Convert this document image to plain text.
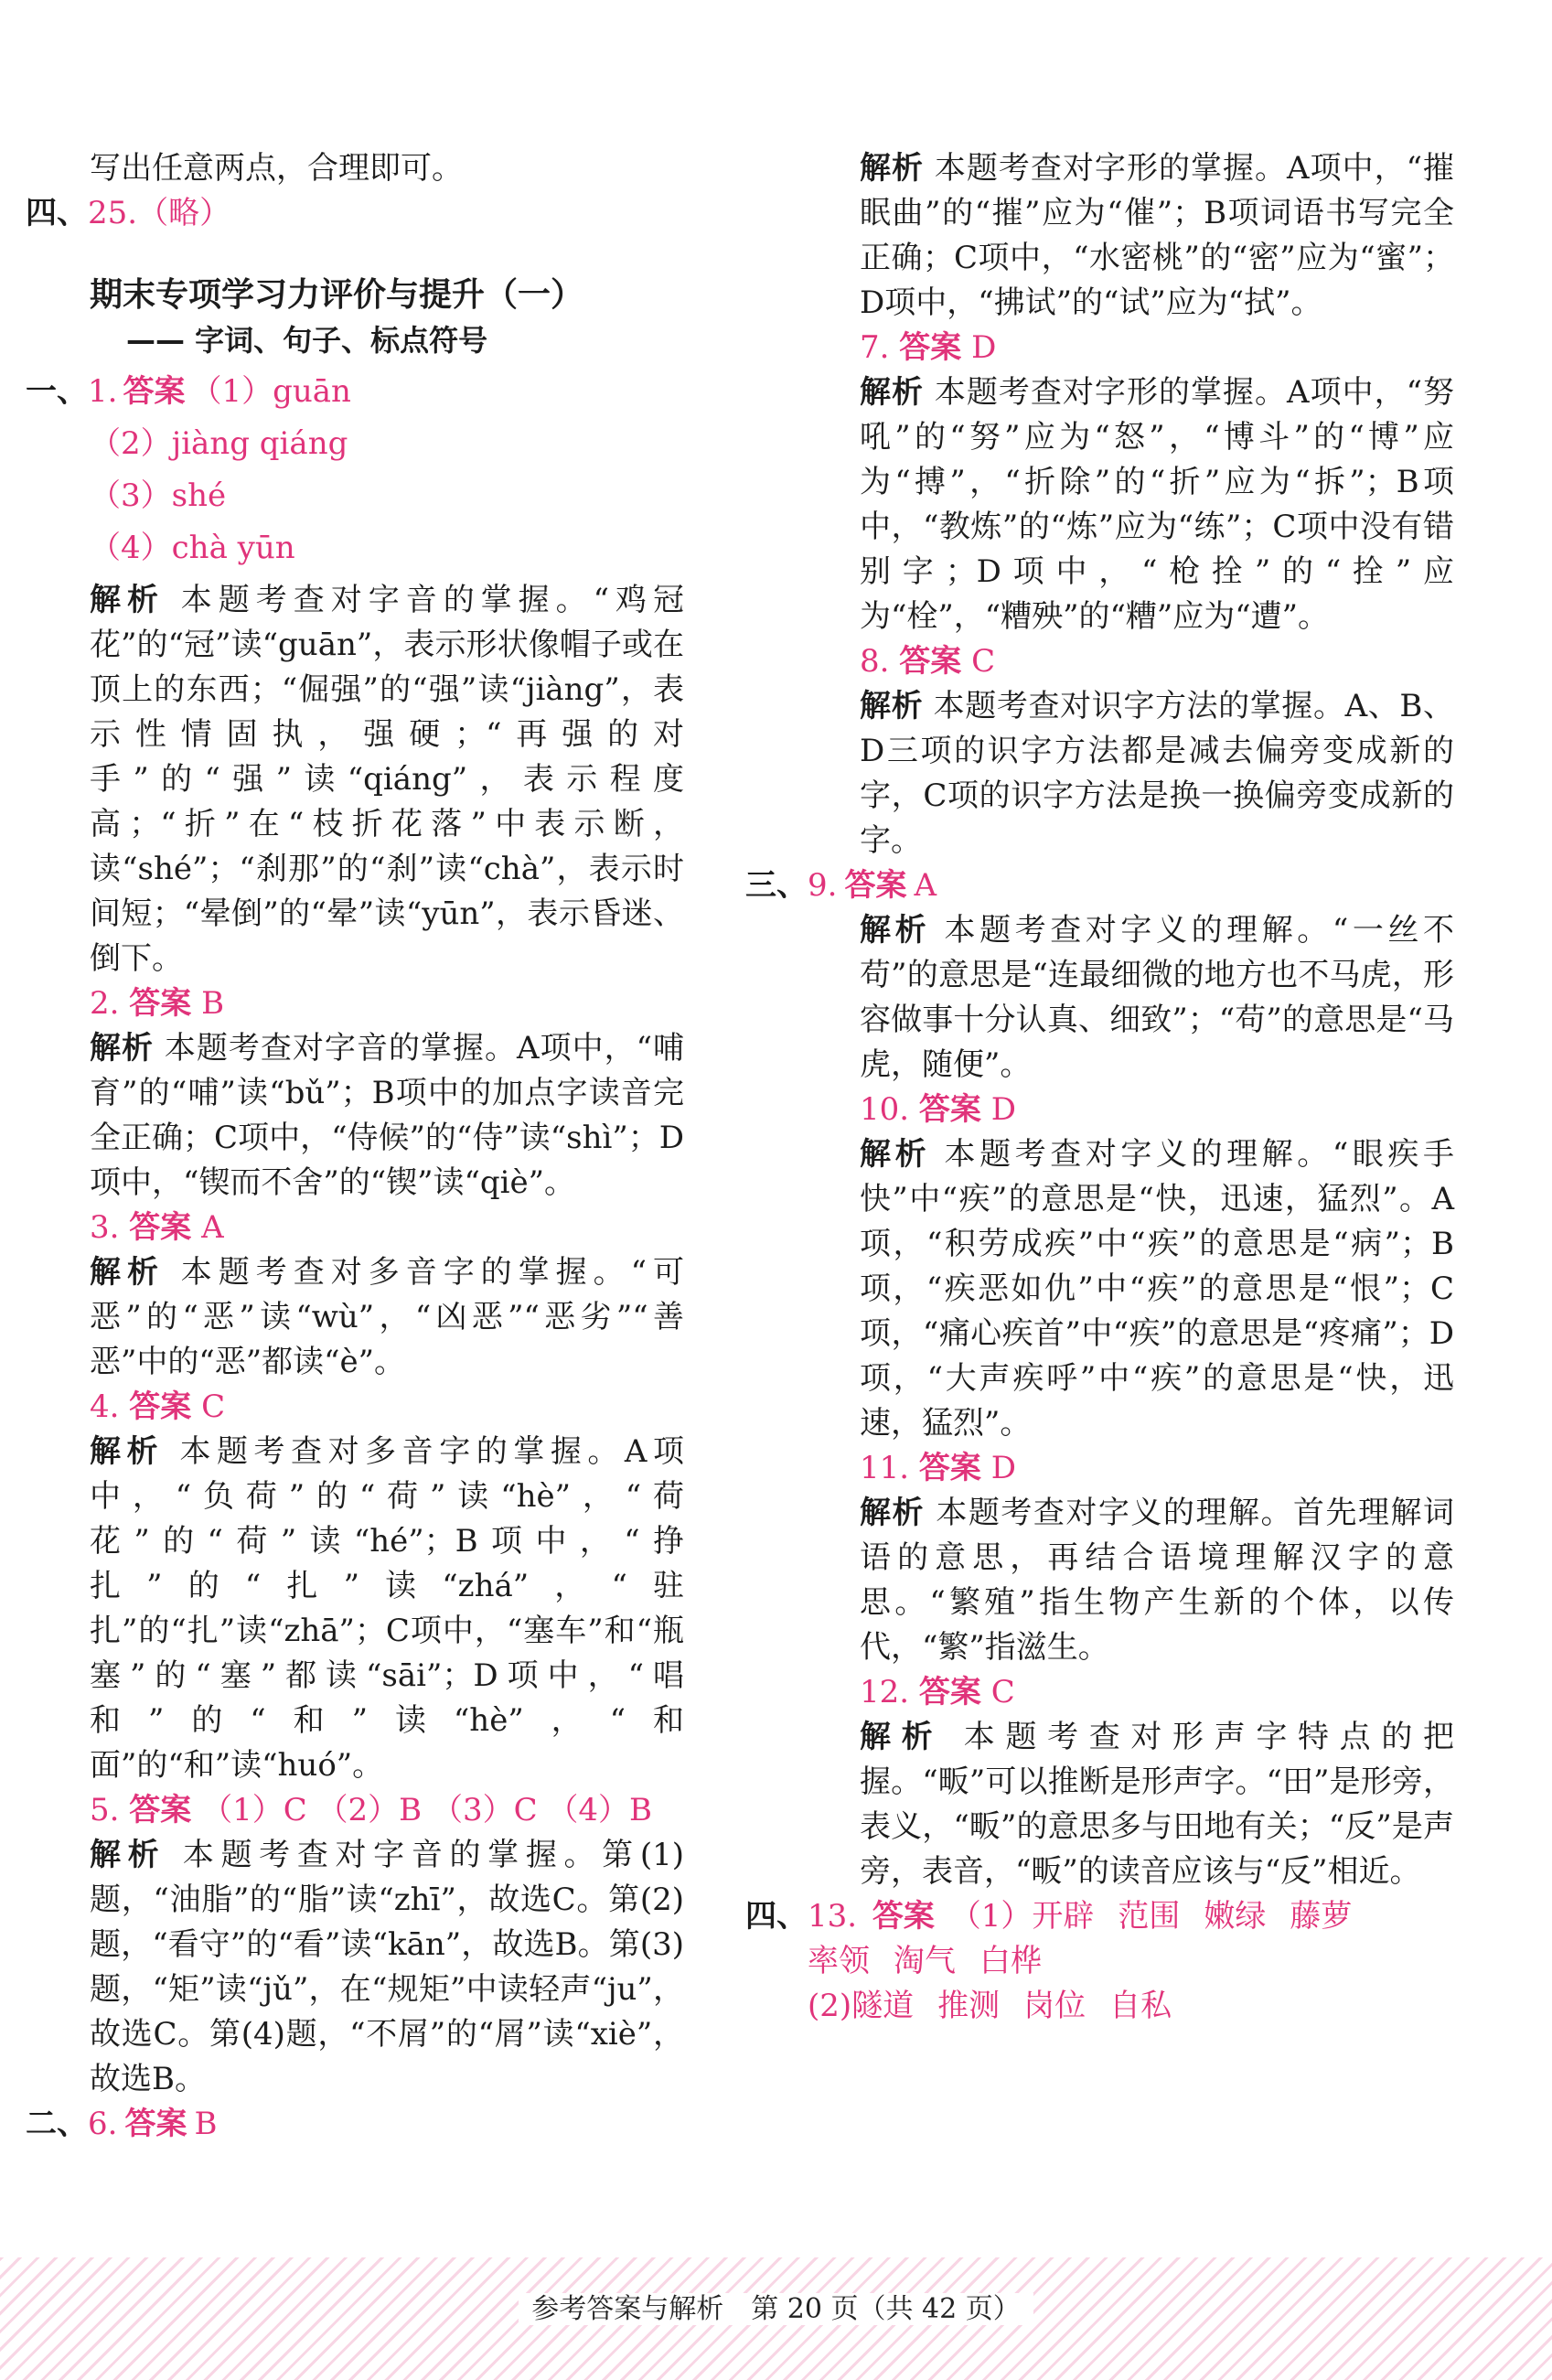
写出任意两点，合理即可。

四、 25.（略）
期末专项学习力评价与提升（一）
—— 字词、句子、标点符号
一、 1. 答案 （1）guān
（2）jiàng qiáng
（3）shé
（4）chà yūn

解析 本题考查对字音的掌握。“鸡冠花”的“冠”读“guān”，表示形状像帽子或在顶上的东西；“倔强”的“强”读“jiàng”，表示性情固执，强硬；“再强的对手”的“强”读“qiáng”，表示程度高；“折”在“枝折花落”中表示断，读“shé”；“刹那”的“刹”读“chà”，表示时间短；“晕倒”的“晕”读“yūn”，表示昏迷、倒下。

2. 答案 B

解析 本题考查对字音的掌握。A项中，“哺育”的“哺”读“bǔ”；B项中的加点字读音完全正确；C项中，“侍候”的“侍”读“shì”；D项中，“锲而不舍”的“锲”读“qiè”。

3. 答案 A

解析 本题考查对多音字的掌握。“可恶”的“恶”读“wù”，“凶恶”“恶劣”“善恶”中的“恶”都读“è”。

4. 答案 C

解析 本题考查对多音字的掌握。A项中，“负荷”的“荷”读“hè”，“荷花”的“荷”读“hé”；B项中，“挣扎”的“扎”读“zhá”，“驻扎”的“扎”读“zhā”；C项中，“塞车”和“瓶塞”的“塞”都读“sāi”；D项中，“唱和”的“和”读“hè”，“和面”的“和”读“huó”。

5. 答案 （1）C （2）B （3）C （4）B

解析 本题考查对字音的掌握。第(1)题，“油脂”的“脂”读“zhī”，故选C。第(2)题，“看守”的“看”读“kān”，故选B。第(3)题，“矩”读“jǔ”，在“规矩”中读轻声“ju”，故选C。第(4)题，“不屑”的“屑”读“xiè”，故选B。

二、 6. 答案 B

解析 本题考查对字形的掌握。A项中，“摧眠曲”的“摧”应为“催”；B项词语书写完全正确；C项中，“水密桃”的“密”应为“蜜”；D项中，“拂试”的“试”应为“拭”。

7. 答案 D

解析 本题考查对字形的掌握。A项中，“努吼”的“努”应为“怒”，“博斗”的“博”应为“搏”，“折除”的“折”应为“拆”；B项中，“教炼”的“炼”应为“练”；C项中没有错别字；D项中，“枪拴”的“拴”应为“栓”，“糟殃”的“糟”应为“遭”。

8. 答案 C

解析 本题考查对识字方法的掌握。A、B、D三项的识字方法都是减去偏旁变成新的字，C项的识字方法是换一换偏旁变成新的字。

三、 9. 答案 A

解析 本题考查对字义的理解。“一丝不苟”的意思是“连最细微的地方也不马虎，形容做事十分认真、细致”；“苟”的意思是“马虎，随便”。

10. 答案 D

解析 本题考查对字义的理解。“眼疾手快”中“疾”的意思是“快，迅速，猛烈”。A项，“积劳成疾”中“疾”的意思是“病”；B项，“疾恶如仇”中“疾”的意思是“恨”；C项，“痛心疾首”中“疾”的意思是“疼痛”；D项，“大声疾呼”中“疾”的意思是“快，迅速，猛烈”。

11. 答案 D

解析 本题考查对字义的理解。首先理解词语的意思，再结合语境理解汉字的意思。“繁殖”指生物产生新的个体，以传代，“繁”指滋生。

12. 答案 C

解析 本题考查对形声字特点的把握。“畈”可以推断是形声字。“田”是形旁，表义，“畈”的意思多与田地有关；“反”是声旁，表音，“畈”的读音应该与“反”相近。

四、 13. 答案 （1）开辟 范围 嫩绿 藤萝
率领 淘气 白桦
(2)隧道 推测 岗位 自私
参考答案与解析　第 20 页（共 42 页）
